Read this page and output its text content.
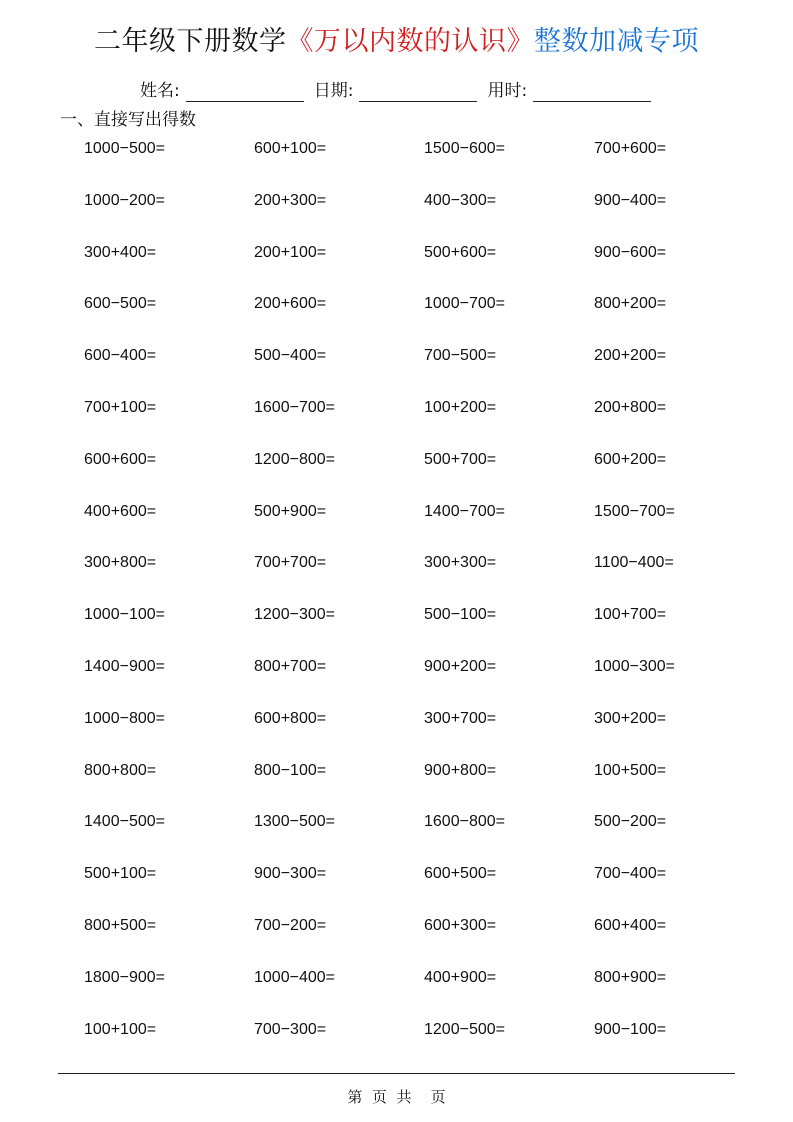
二年级下册数学《万以内数的认识》整数加减专项
姓名:	日期:	用时:
一、直接写出得数
1000−500=	600+100=	1500−600=	700+600=
1000−200=	200+300=	400−300=	900−400=
300+400=	200+100=	500+600=	900−600=
600−500=	200+600=	1000−700=	800+200=
600−400=	500−400=	700−500=	200+200=
700+100=	1600−700=	100+200=	200+800=
600+600=	1200−800=	500+700=	600+200=
400+600=	500+900=	1400−700=	1500−700=
300+800=	700+700=	300+300=	1100−400=
1000−100=	1200−300=	500−100=	100+700=
1400−900=	800+700=	900+200=	1000−300=
1000−800=	600+800=	300+700=	300+200=
800+800=	800−100=	900+800=	100+500=
1400−500=	1300−500=	1600−800=	500−200=
500+100=	900−300=	600+500=	700−400=
800+500=	700−200=	600+300=	600+400=
1800−900=	1000−400=	400+900=	800+900=
100+100=	700−300=	1200−500=	900−100=
第  页  共    页
